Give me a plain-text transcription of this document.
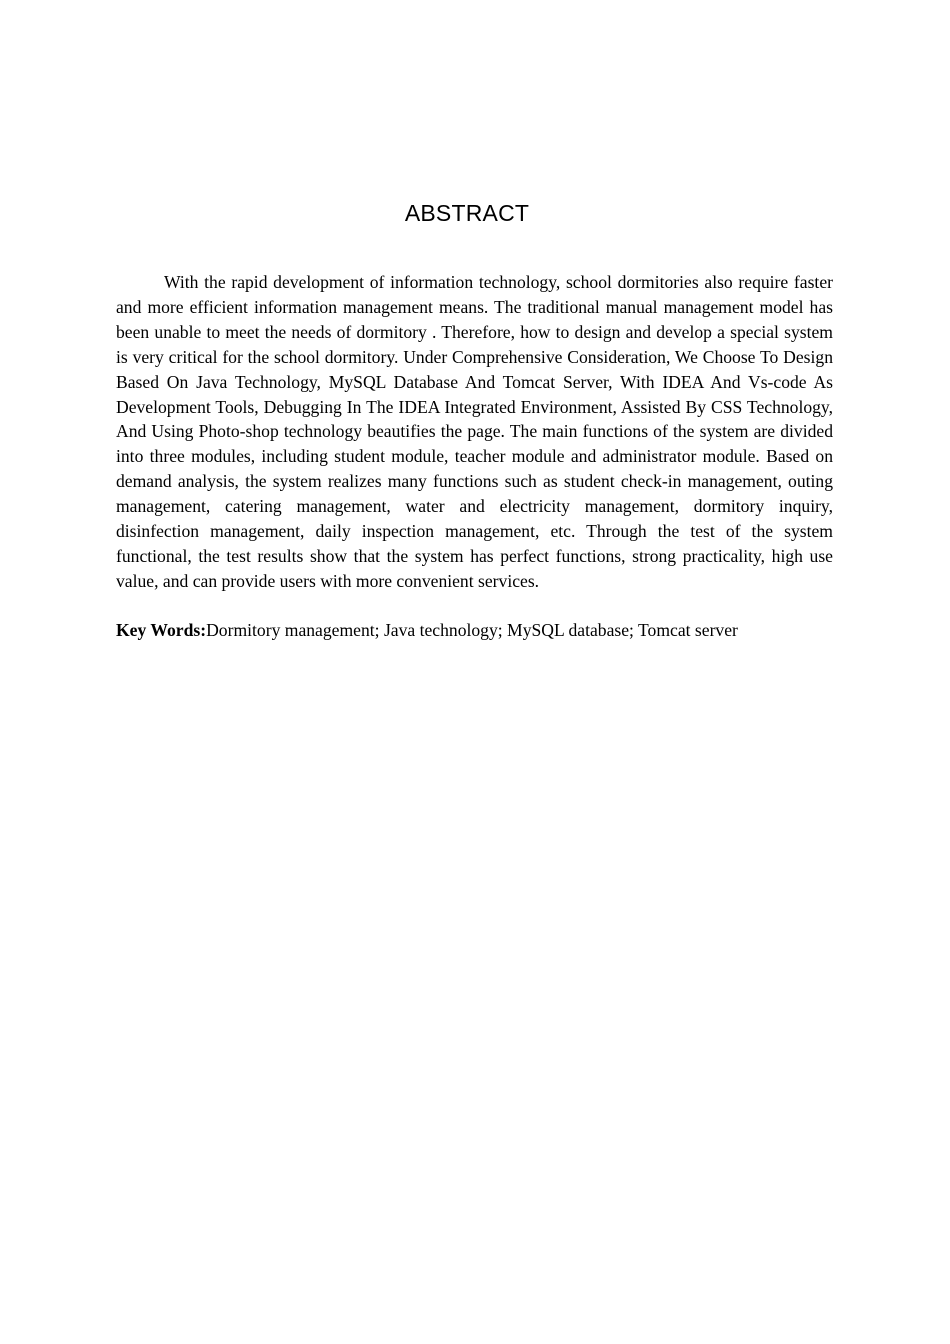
ABSTRACT

With the rapid development of information technology, school dormitories also require faster and more efficient information management means. The traditional manual management model has been unable to meet the needs of dormitory . Therefore, how to design and develop a special system is very critical for the school dormitory. Under Comprehensive Consideration, We Choose To Design Based On Java Technology, MySQL Database And Tomcat Server, With IDEA And Vs-code As Development Tools, Debugging In The IDEA Integrated Environment, Assisted By CSS Technology, And Using Photo-shop technology beautifies the page. The main functions of the system are divided into three modules, including student module, teacher module and administrator module. Based on demand analysis, the system realizes many functions such as student check-in management, outing management, catering management, water and electricity management, dormitory inquiry, disinfection management, daily inspection management, etc. Through the test of the system functional, the test results show that the system has perfect functions, strong practicality, high use value, and can provide users with more convenient services.

Key Words:Dormitory management; Java technology; MySQL database; Tomcat server
